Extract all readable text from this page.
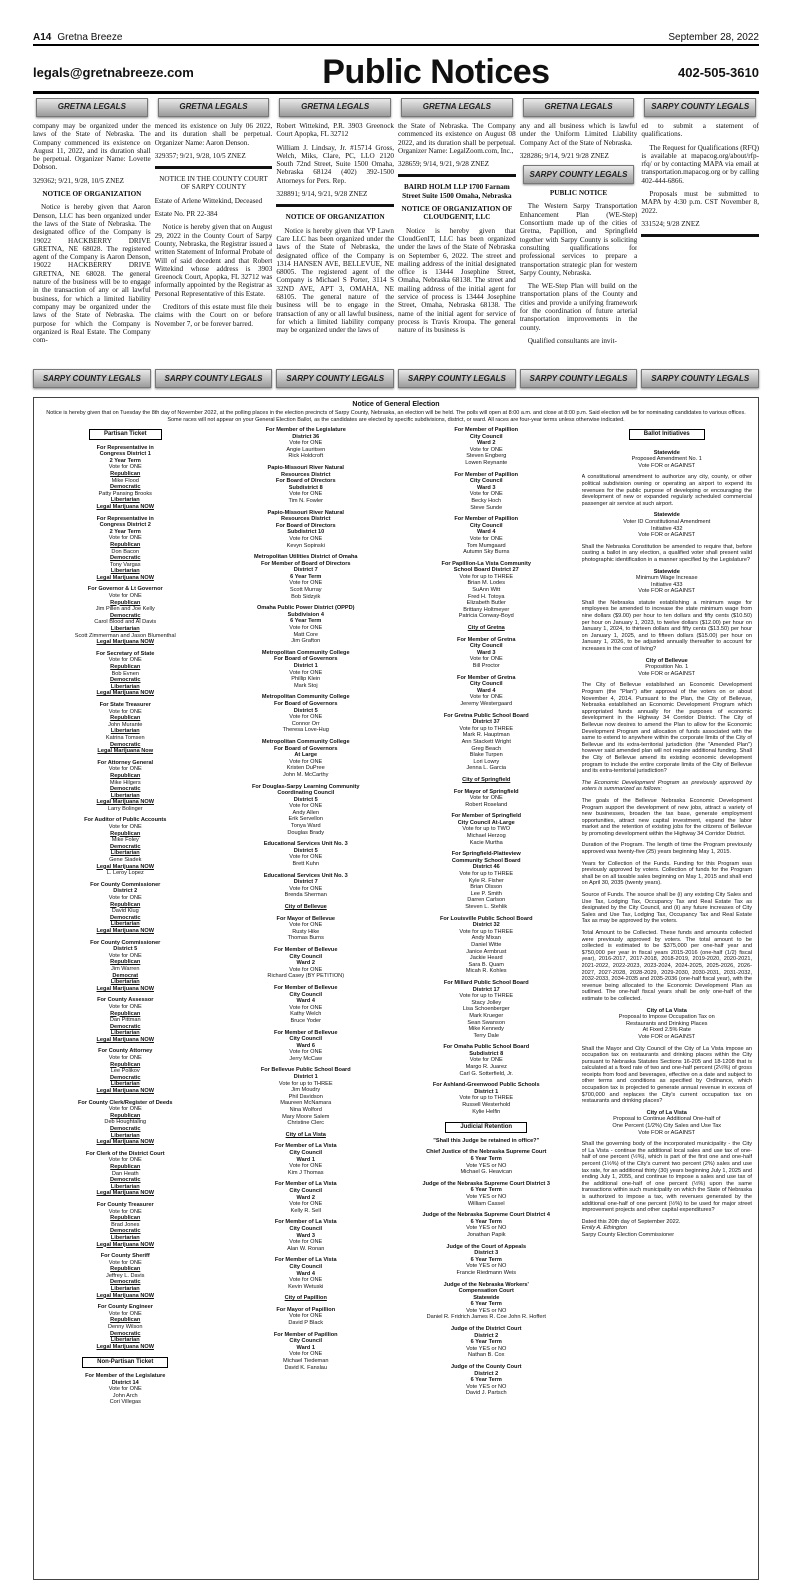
A14 Gretna Breeze	September 28, 2022
legals@gretnabreeze.com	Public Notices	402-505-3610
GRETNA LEGALS

company may be organized under the laws of the State of Nebraska. The Company commenced its existence on August 11, 2022, and its duration shall be perpetual. Organizer Name: Lovette Dobson.

329362; 9/21, 9/28, 10/5 ZNEZ

NOTICE OF ORGANIZATION

Notice is hereby given that Aaron Denson, LLC has been organized under the laws of the State of Nebraska. The designated office of the Company is 19022 HACKBERRY DRIVE GRETNA, NE 68028. The registered agent of the Company is Aaron Denson, 19022 HACKBERRY DRIVE GRETNA, NE 68028. The general nature of the business will be to engage in the transaction of any or all lawful business, for which a limited liability company may be organized under the laws of the State of Nebraska. The purpose for which the Company is organized is Real Estate. The Company com-

GRETNA LEGALS

menced its existence on July 06 2022, and its duration shall be perpetual. Organizer Name: Aaron Denson.

329357; 9/21, 9/28, 10/5 ZNEZ

NOTICE IN THE COUNTY COURT OF SARPY COUNTY

Estate of Arlene Wittekind, Deceased

Estate No. PR 22-384

Notice is hereby given that on August 29, 2022 in the County Court of Sarpy County, Nebraska, the Registrar issued a written Statement of Informal Probate of Will of said decedent and that Robert Wittekind whose address is 3903 Greenock Court, Apopka, FL 32712 was informally appointed by the Registrar as Personal Representative of this Estate.

Creditors of this estate must file their claims with the Court on or before November 7, or be forever barred.

GRETNA LEGALS

Robert Wittekind, P.R. 3903 Greenock Court Apopka, FL 32712

William J. Lindsay, Jr. #15714 Gross, Welch, Miks, Clare, PC, LLO 2120 South 72nd Street, Suite 1500 Omaha, Nebraska 68124 (402) 392-1500 Attorneys for Pers. Rep.

328891; 9/14, 9/21, 9/28 ZNEZ

NOTICE OF ORGANIZATION

Notice is hereby given that VP Lawn Care LLC has been organized under the laws of the State of Nebraska, the designated office of the Company is 1314 HANSEN AVE, BELLEVUE, NE 68005. The registered agent of the Company is Michael S Porter, 3114 S 32ND AVE, APT 3, OMAHA, NE 68105. The general nature of the business will be to engage in the transaction of any or all lawful business, for which a limited liability company may be organized under the laws of

GRETNA LEGALS

the State of Nebraska. The Company commenced its existence on August 08 2022, and its duration shall be perpetual. Organizer Name: LegalZoom.com, Inc.,

328659; 9/14, 9/21, 9/28 ZNEZ

BAIRD HOLM LLP 1700 Farnam Street Suite 1500 Omaha, Nebraska

NOTICE OF ORGANIZATION OF CLOUDGENIT, LLC

Notice is hereby given that CloudGenIT, LLC has been organized under the laws of the State of Nebraska on September 6, 2022. The street and mailing address of the initial designated office is 13444 Josephine Street, Omaha, Nebraska 68138. The street and mailing address of the initial agent for service of process is 13444 Josephine Street, Omaha, Nebraska 68138. The name of the initial agent for service of process is Travis Kroupa. The general nature of its business is

GRETNA LEGALS

any and all business which is lawful under the Uniform Limited Liability Company Act of the State of Nebraska.

328286; 9/14, 9/21 9/28 ZNEZ

SARPY COUNTY LEGALS

PUBLIC NOTICE

The Western Sarpy Transportation Enhancement Plan (WE-Step) Consortium made up of the cities of Gretna, Papillion, and Springfield together with Sarpy County is soliciting consulting qualifications for professional services to prepare a transportation strategic plan for western Sarpy County, Nebraska.

The WE-Step Plan will build on the transportation plans of the County and cities and provide a unifying framework for the coordination of future arterial transportation improvements in the county.

Qualified consultants are invit-

SARPY COUNTY LEGALS

ed to submit a statement of qualifications.

The Request for Qualifications (RFQ) is available at mapacog.org/about/rfp-rfq/ or by contacting MAPA via email at transportation.mapacog.org or by calling 402-444-6866.

Proposals must be submitted to MAPA by 4:30 p.m. CST November 8, 2022.

331524; 9/28 ZNEZ

SARPY COUNTY LEGALS	SARPY COUNTY LEGALS	SARPY COUNTY LEGALS	SARPY COUNTY LEGALS	SARPY COUNTY LEGALS	SARPY COUNTY LEGALS
Notice of General Election
Notice is hereby given that on Tuesday the 8th day of November 2022, at the polling places in the election precincts of Sarpy County, Nebraska, an election will be held. The polls will open at 8:00 a.m. and close at 8:00 p.m. Said election will be for nominating candidates to various offices. Some races will not appear on your General Election Ballot, as the candidates are elected by specific subdivisions, district, or ward. All races are four-year terms unless otherwise indicated.
Partisan Ticket
For Representative in
Congress District 1
2 Year Term
Vote for ONE
Republican
Mike Flood
Democratic
Patty Pansing Brooks
Libertarian
Legal Marijuana NOW
For Representative in
Congress District 2
2 Year Term
Vote for ONE
Republican
Don Bacon
Democratic
Tony Vargas
Libertarian
Legal Marijuana NOW
For Governor & Lt Governor
Vote for ONE
Republican
Jim Pillen and Joe Kelly
Democratic
Carol Blood and Al Davis
Libertarian
Scott Zimmerman and Jason Blumenthal
Legal Marijuana NOW
For Secretary of State
Vote for ONE
Republican
Bob Evnen
Democratic
Libertarian
Legal Marijuana NOW
For State Treasurer
Vote for ONE
Republican
John Murante
Libertarian
Katrina Tomsen
Democratic
Legal Marijuana Now
For Attorney General
Vote for ONE
Republican
Mike Hilgers
Democratic
Libertarian
Legal Marijuana NOW
Larry Bolinger
For Auditor of Public Accounts
Vote for ONE
Republican
Mike Foley
Democratic
Libertarian
Gene Siadek
Legal Marijuana NOW
L. Leroy Lopez
For County Commissioner
District 2
Vote for ONE
Republican
David Klug
Democratic
Libertarian
Legal Marijuana NOW
For County Commissioner
District 5
Vote for ONE
Republican
Jim Warren
Democrat
Libertarian
Legal Marijuana NOW
For County Assessor
Vote for ONE
Republican
Dan Pittman
Democratic
Libertarian
Legal Marijuana NOW
For County Attorney
Vote for ONE
Republican
Lee Polikov
Democratic
Libertarian
Legal Marijuana NOW
For County Clerk/Register of Deeds
Vote for ONE
Republican
Deb Houghtaling
Democratic
Libertarian
Legal Marijuana NOW
For Clerk of the District Court
Vote for ONE
Republican
Dan Heath
Democratic
Libertarian
Legal Marijuana NOW
For County Treasurer
Vote for ONE
Republican
Brad Jones
Democratic
Libertarian
Legal Marijuana NOW
For County Sheriff
Vote for ONE
Republican
Jeffrey L. Davis
Democratic
Libertarian
Legal Marijuana NOW
For County Engineer
Vote for ONE
Republican
Denny Wilson
Democratic
Libertarian
Legal Marijuana NOW
Non-Partisan Ticket
For Member of the Legislature
District 14
Vote for ONE
John Arch
Cori Villegas
For Member of the Legislature
District 36
Vote for ONE
Angie Lauritsen
Rick Holdcroft
Papio-Missouri River Natural
Resources District
For Board of Directors
Subdistrict 8
Vote for ONE
Tim N. Fowler
Papio-Missouri River Natural
Resources District
For Board of Directors
Subdistrict 10
Vote for ONE
Kevyn Sopinski
Metropolitan Utilities District of Omaha
For Member of Board of Directors
District 7
6 Year Term
Vote for ONE
Scott Murray
Bob Sidzyik
Omaha Public Power District (OPPD)
Subdivision 4
6 Year Term
Vote for ONE
Matt Core
Jim Grafton
Metropolitan Community College
For Board of Governors
District 1
Vote for ONE
Phillip Klein
Mark Stoj
Metropolitan Community College
For Board of Governors
District 5
Vote for ONE
Connor Orr
Theresa Love-Hug
Metropolitan Community College
For Board of Governors
At Large
Vote for ONE
Kristen DuPree
John M. McCarthy
For Douglas-Sarpy Learning Community
Coordinating Council
District 5
Vote for ONE
Andy Allen
Erik Servellon
Tonya Ward
Douglas Brady
Educational Services Unit No. 3
District 5
Vote for ONE
Brett Kuhn
Educational Services Unit No. 3
District 7
Vote for ONE
Brenda Sherman
City of Bellevue
For Mayor of Bellevue
Vote for ONE
Rusty Hike
Thomas Burns
For Member of Bellevue
City Council
Ward 2
Vote for ONE
Richard Casey (BY PETITION)
For Member of Bellevue
City Council
Ward 4
Vote for ONE
Kathy Welch
Bruce Yoder
For Member of Bellevue
City Council
Ward 6
Vote for ONE
Jerry McCaw
For Bellevue Public School Board
District 1
Vote for up to THREE
Jim Moudry
Phil Davidson
Maureen McNamara
Nina Wolford
Mary Moore Salem
Christine Clerc
City of La Vista
For Member of La Vista
City Council
Ward 1
Vote for ONE
Kim J Thomas
For Member of La Vista
City Council
Ward 2
Vote for ONE
Kelly R. Sell
For Member of La Vista
City Council
Ward 3
Vote for ONE
Alan W. Ronan
For Member of La Vista
City Council
Ward 4
Vote for ONE
Kevin Wetuski
City of Papillion
For Mayor of Papillion
Vote for ONE
David P Black
For Member of Papillion
City Council
Ward 1
Vote for ONE
Michael Tiedeman
David K. Fanslau
For Member of Papillion
City Council
Ward 2
Vote for ONE
Steven Engberg
Lowen Reynante
For Member of Papillion
City Council
Ward 3
Vote for ONE
Becky Hoch
Steve Sunde
For Member of Papillion
City Council
Ward 4
Vote for ONE
Tom Mumgaard
Autumn Sky Burns
For Papillion-La Vista Community
School Board District 27
Vote for up to THREE
Brian M. Lodes
SuAnn Witt
Fred H. Totoya
Elizabeth Butler
Brittany Holtmeyer
Patricia Conway-Boyd
City of Gretna
For Member of Gretna
City Council
Ward 3
Vote for ONE
Bill Proctor
For Member of Gretna
City Council
Ward 4
Vote for ONE
Jeremy Westergaard
For Gretna Public School Board
District 37
Vote for up to THREE
Mark R. Hauptman
Ann Stackett Wright
Greg Beach
Blake Turpen
Lori Lowry
Jenna L. Garcia
City of Springfield
For Mayor of Springfield
Vote for ONE
Robert Roseland
For Member of Springfield
City Council At-Large
Vote for up to TWO
Michael Herzog
Kacie Murtha
For Springfield-Platteview
Community School Board
District 46
Vote for up to THREE
Kyle R. Fisher
Brian Olsson
Lee P. Smith
Darren Carlson
Steven L. Stehlik
For Louisville Public School Board
District 32
Vote for up to THREE
Andy Mixan
Daniel Witte
Janice Armbrust
Jackie Heard
Sara B. Quam
Micah R. Kohles
For Millard Public School Board
District 17
Vote for up to THREE
Stacy Jolley
Lisa Schoenberger
Mark Krueger
Sean Swanson
Mike Kennedy
Terry Dale
For Omaha Public School Board
Subdistrict 8
Vote for ONE
Margo R. Juarez
Carl G. Sotterfield, Jr.
For Ashland-Greenwood Public Schools
District 1
Vote for up to THREE
Russell Westerhold
Kylie Helfin
Judicial Retention
"Shall this Judge be retained in office?"
Chief Justice of the Nebraska Supreme Court
6 Year Term
Vote YES or NO
Michael G. Heavican
Judge of the Nebraska Supreme Court District 3
6 Year Term
Vote YES or NO
William Cassel
Judge of the Nebraska Supreme Court District 4
6 Year Term
Vote YES or NO
Jonathan Papik
Judge of the Court of Appeals
District 3
6 Year Term
Vote YES or NO
Francie Riedmann Weis
Judge of the Nebraska Workers'
Compensation Court
Statewide
6 Year Term
Vote YES or NO
Daniel R. Fridrich James R. Coe John R. Hoffert
Judge of the District Court
District 2
6 Year Term
Vote YES or NO
Nathan B. Cox
Judge of the County Court
District 2
6 Year Term
Vote YES or NO
David J. Partsch
Ballot Initiatives
Statewide
Proposed Amendment No. 1
Vote FOR or AGAINST
A constitutional amendment to authorize any city, county, or other political subdivision owning or operating an airport to expend its revenues for the public purpose of developing or encouraging the development of new or expanded regularly scheduled commercial passenger air service at such airport.
Statewide
Voter ID Constitutional Amendment
Initiative 432
Vote FOR or AGAINST
Shall the Nebraska Constitution be amended to require that, before casting a ballot in any election, a qualified voter shall present valid photographic identification in a manner specified by the Legislature?
Statewide
Minimum Wage Increase
Initiative 433
Vote FOR or AGAINST
Shall the Nebraska statute establishing a minimum wage for employees be amended to increase the state minimum wage from nine dollars ($9.00) per hour to ten dollars and fifty cents ($10.50) per hour on January 1, 2023, to twelve dollars ($12.00) per hour on January 1, 2024, to thirteen dollars and fifty cents ($13.50) per hour on January 1, 2025, and to fifteen dollars ($15.00) per hour on January 1, 2026, to be adjusted annually thereafter to account for increases in the cost of living?
City of Bellevue
Proposition No. 1
Vote FOR or AGAINST
The City of Bellevue established an Economic Development Program (the "Plan") after approval of the voters on or about November 4, 2014. Pursuant to the Plan, the City of Bellevue, Nebraska established an Economic Development Program which appropriated funds annually for the purposes of economic development in the Highway 34 Corridor District. The City of Bellevue now desires to amend the Plan to allow for the Economic Development Program and allocation of funds associated with the same to extend to anywhere within the corporate limits of the City of Bellevue and its extra-territorial jurisdiction (the "Amended Plan") however said amended plan will not require additional funding. Shall the City of Bellevue amend its existing economic development program to include the entire corporate limits of the City of Bellevue and its extra-territorial jurisdiction?
The Economic Development Program as previously approved by voters is summarized as follows:
The goals of the Bellevue Nebraska Economic Development Program support the development of new jobs, attract a variety of new businesses, broaden the tax base, generate employment opportunities, attract new capital investment, expand the labor market and the retention of existing jobs for the citizens of Bellevue by promoting development within the Highway 34 Corridor District.
Duration of the Program. The length of time the Program previously approved was twenty-five (25) years beginning May 1, 2015.
Years for Collection of the Funds. Funding for this Program was previously approved by voters. Collection of funds for the Program shall be on all taxable sales beginning on May 1, 2015 and shall end on April 30, 2035 (twenty years).
Source of Funds. The source shall be (i) any existing City Sales and Use Tax, Lodging Tax, Occupancy Tax and Real Estate Tax as designated by the City Council, and (ii) any future increases of City Sales and Use Tax, Lodging Tax, Occupancy Tax and Real Estate Tax as may be approved by the voters.
Total Amount to be Collected. These funds and amounts collected were previously approved by voters. The total amount to be collected is estimated to be $375,000 per one-half year and $750,000 per year in fiscal years 2015-2016 (one-half (1/2) fiscal year), 2016-2017, 2017-2018, 2018-2019, 2019-2020, 2020-2021, 2021-2022, 2022-2023, 2023-2024, 2024-2025, 2025-2026, 2026-2027, 2027-2028, 2028-2029, 2029-2030, 2030-2031, 2031-2032, 2032-2033, 2034-2035 and 2035-2036 (one-half fiscal year), with the revenue being allocated to the Economic Development Plan as outlined. The one-half fiscal years shall be only one-half of the estimate to be collected.
City of La Vista
Proposal to Impose Occupation Tax on
Restaurants and Drinking Places
At Fixed 2.5% Rate
Vote FOR or AGAINST
Shall the Mayor and City Council of the City of La Vista impose an occupation tax on restaurants and drinking places within the City pursuant to Nebraska Statutes Sections 16-205 and 18-1208 that is calculated at a fixed rate of two and one-half percent (2½%) of gross receipts from food and beverages, effective on a date and subject to other terms and conditions as specified by Ordinance, which occupation tax is projected to generate annual revenue in excess of $700,000 and replaces the City's current occupation tax on restaurants and drinking places?
City of La Vista
Proposal to Continue Additional One-half of
One Percent (1/2%) City Sales and Use Tax
Vote FOR or AGAINST
Shall the governing body of the incorporated municipality - the City of La Vista - continue the additional local sales and use tax of one-half of one percent (½%), which is part of the first one and one-half percent (1½%) of the City's current two percent (2%) sales and use tax rate, for an additional thirty (30) years beginning July 1, 2025 and ending July 1, 2055, and continue to impose a sales and use tax of the additional one-half of one percent (½%) upon the same transactions within such municipality on which the State of Nebraska is authorized to impose a tax, with revenues generated by the additional one-half of one percent (½%) to be used for major street improvement projects and other capital expenditures?
Dated this 20th day of September 2022.
Emily A. Ethington
Sarpy County Election Commissioner
